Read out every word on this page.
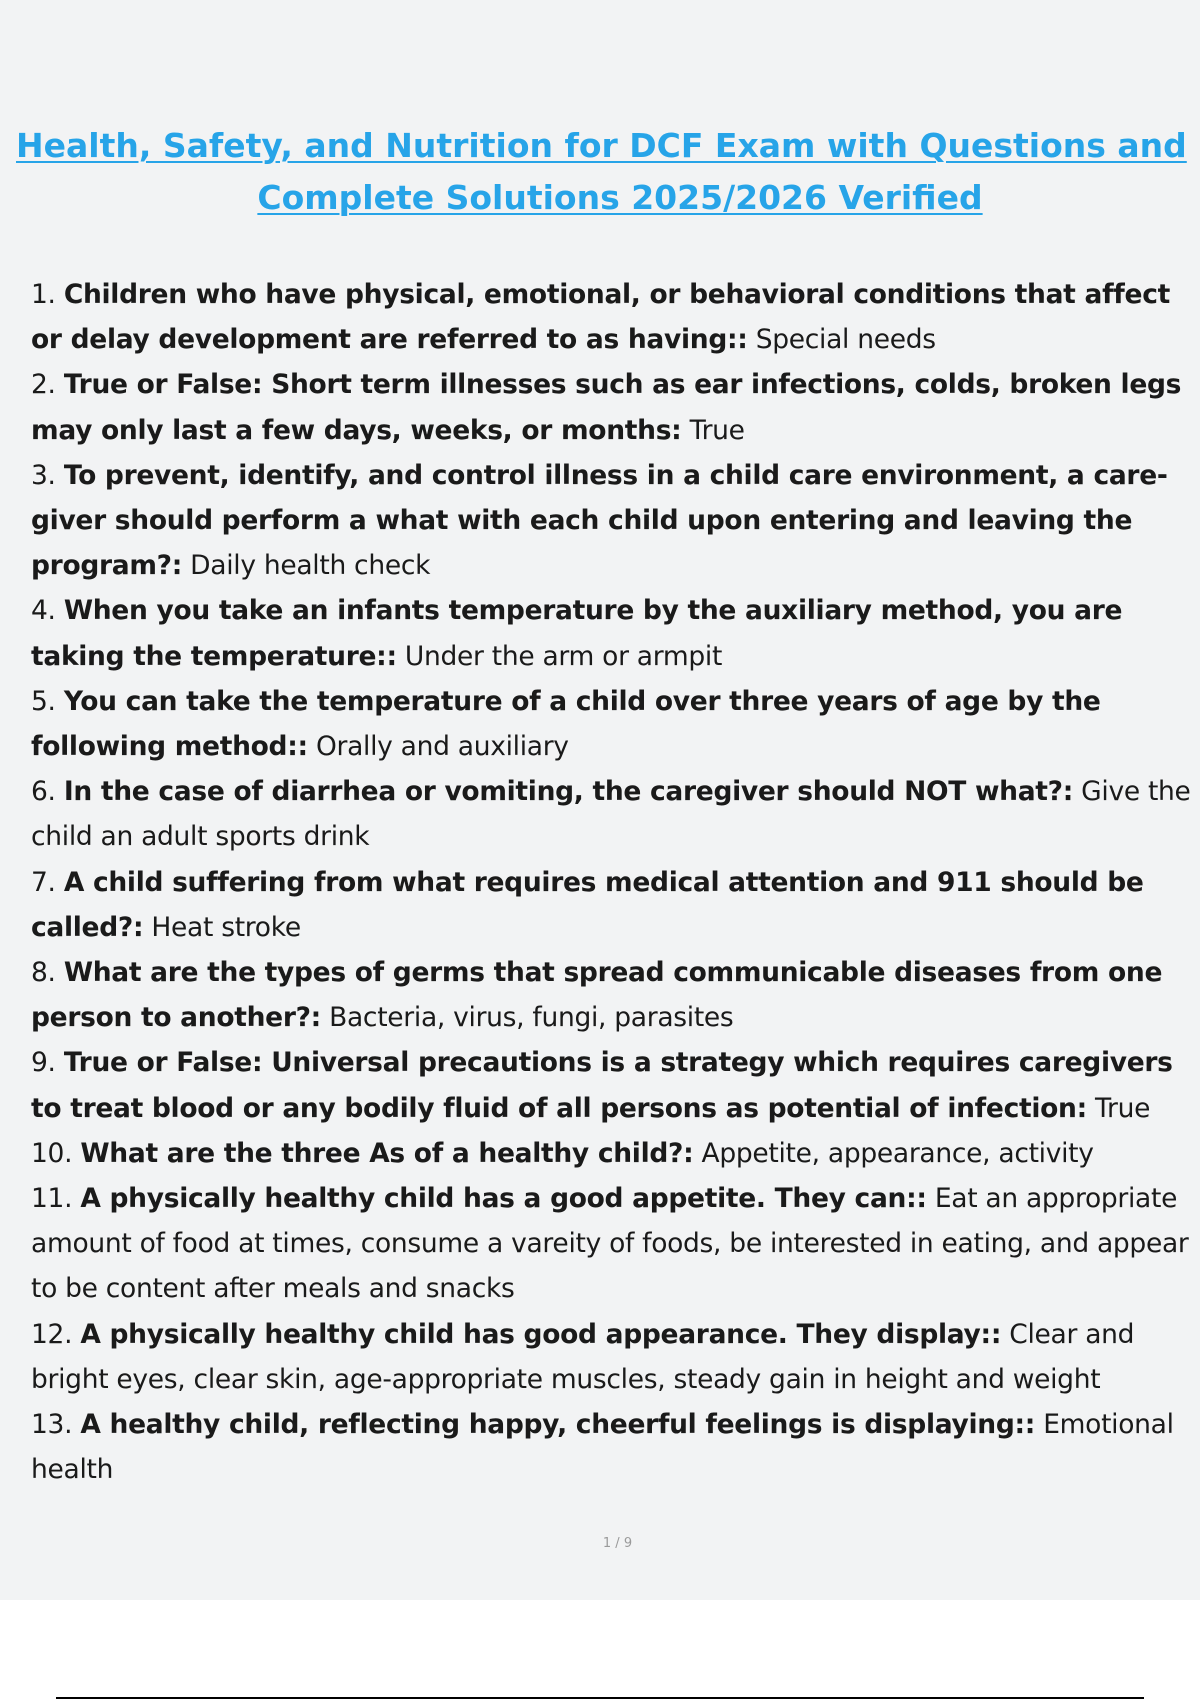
Health, Safety, and Nutrition for DCF Exam with Questions and
Complete Solutions 2025/2026 Verified
1. Children who have physical, emotional, or behavioral conditions that affect or delay development are referred to as having:: Special needs
2. True or False: Short term illnesses such as ear infections, colds, broken legs may only last a few days, weeks, or months: True
3. To prevent, identify, and control illness in a child care environment, a care-giver should perform a what with each child upon entering and leaving the program?: Daily health check
4. When you take an infants temperature by the auxiliary method, you are taking the temperature:: Under the arm or armpit
5. You can take the temperature of a child over three years of age by the following method:: Orally and auxiliary
6. In the case of diarrhea or vomiting, the caregiver should NOT what?: Give the child an adult sports drink
7. A child suffering from what requires medical attention and 911 should be called?: Heat stroke
8. What are the types of germs that spread communicable diseases from one person to another?: Bacteria, virus, fungi, parasites
9. True or False: Universal precautions is a strategy which requires caregivers to treat blood or any bodily fluid of all persons as potential of infection: True
10. What are the three As of a healthy child?: Appetite, appearance, activity
11. A physically healthy child has a good appetite. They can:: Eat an appropriate amount of food at times, consume a vareity of foods, be interested in eating, and appear to be content after meals and snacks
12. A physically healthy child has good appearance. They display:: Clear and bright eyes, clear skin, age-appropriate muscles, steady gain in height and weight
13. A healthy child, reflecting happy, cheerful feelings is displaying:: Emotional health
1 / 9
